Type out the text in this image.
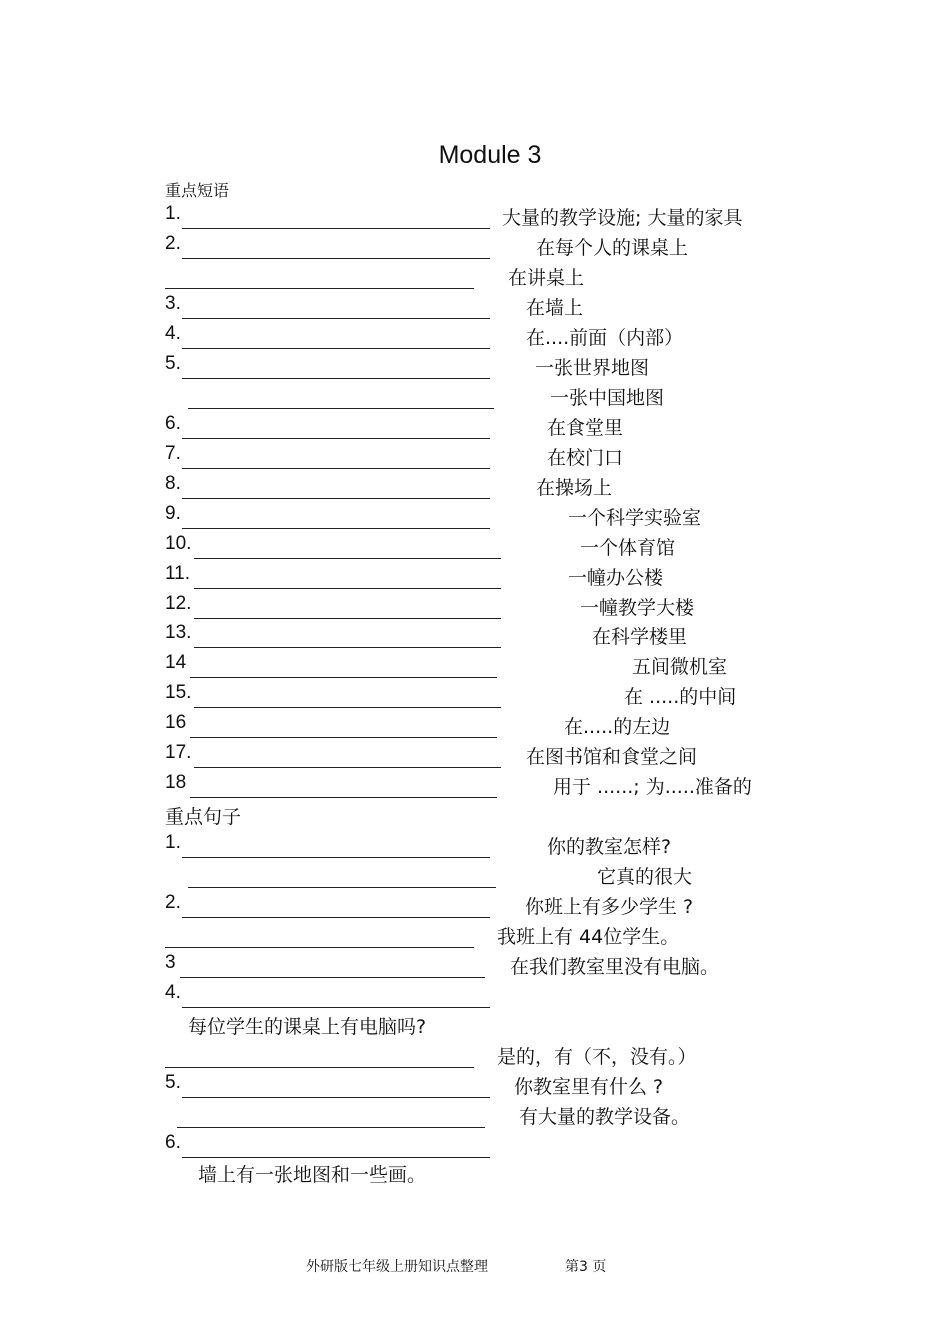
Module 3
重点短语
重点句子
1.	大量的教学设施; 大量的家具
2.	在每个人的课桌上
在讲桌上
3.	在墙上
4.	在....前面（内部）
5.	一张世界地图
一张中国地图
6.	在食堂里
7.	在校门口
8.	在操场上
9.	一个科学实验室
10.	一个体育馆
11.	一幢办公楼
12.	一幢教学大楼
13.	在科学楼里
14	五间微机室
15.	在 .....的中间
16	在.....的左边
17.	在图书馆和食堂之间
18	用于 ......; 为.....准备的
1.	你的教室怎样?
它真的很大
2.	你班上有多少学生 ?
我班上有 44位学生。
3	在我们教室里没有电脑。
4.
每位学生的课桌上有电脑吗?
是的，有（不，没有。）
5.	你教室里有什么 ?
有大量的教学设备。
6.
墙上有一张地图和一些画。
外研版七年级上册知识点整理	第3 页
